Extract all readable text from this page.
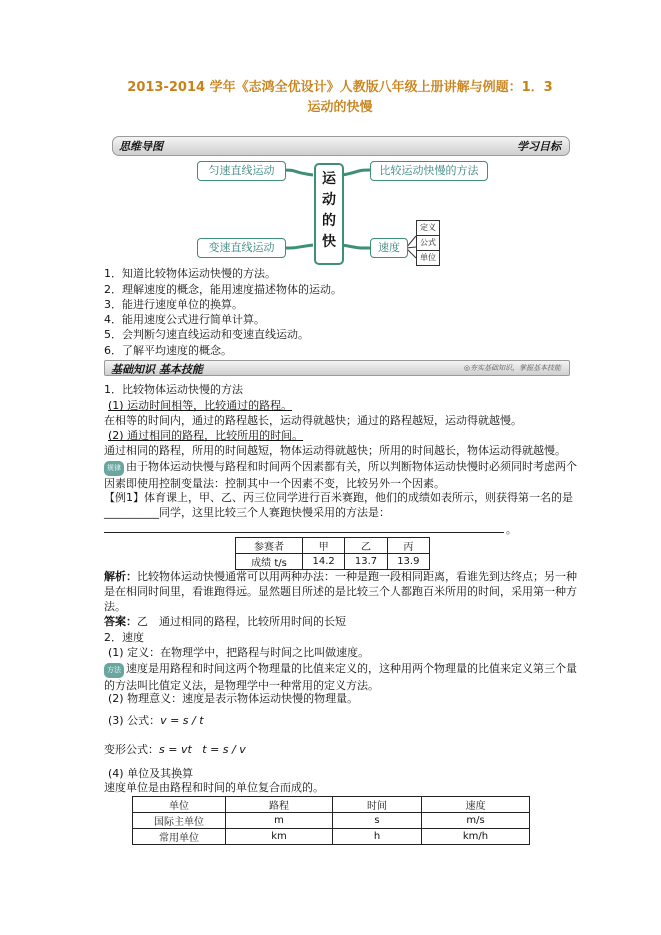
2013-2014 学年《志鸿全优设计》人教版八年级上册讲解与例题：1．3
运动的快慢
思维导图	学习目标
匀速直线运动
变速直线运动
比较运动快慢的方法
速度
运
动
的
快
定义
公式
单位
1．知道比较物体运动快慢的方法。
2．理解速度的概念，能用速度描述物体的运动。
3．能进行速度单位的换算。
4．能用速度公式进行简单计算。
5．会判断匀速直线运动和变速直线运动。
6．了解平均速度的概念。
基础知识 基本技能	◎夯实基础知识，掌握基本技能
1．比较物体运动快慢的方法
(1) 运动时间相等，比较通过的路程。
在相等的时间内，通过的路程越长，运动得就越快；通过的路程越短，运动得就越慢。
(2) 通过相同的路程，比较所用的时间。
通过相同的路程，所用的时间越短，物体运动得就越快；所用的时间越长，物体运动得就越慢。
规律 由于物体运动快慢与路程和时间两个因素都有关，所以判断物体运动快慢时必须同时考虑两个因素即使用控制变量法：控制其中一个因素不变，比较另外一个因素。
【例1】体育课上，甲、乙、丙三位同学进行百米赛跑，他们的成绩如表所示，则获得第一名的是__________同学，这里比较三个人赛跑快慢采用的方法是：
。
参赛者	甲	乙	丙
成绩 t/s	14.2	13.7	13.9
解析：比较物体运动快慢通常可以用两种办法：一种是跑一段相同距离，看谁先到达终点；另一种是在相同时间里，看谁跑得远。显然题目所述的是比较三个人都跑百米所用的时间，采用第一种方法。
答案：乙　通过相同的路程，比较所用时间的长短
2．速度
(1) 定义：在物理学中，把路程与时间之比叫做速度。
方法 速度是用路程和时间这两个物理量的比值来定义的，这种用两个物理量的比值来定义第三个量的方法叫比值定义法，是物理学中一种常用的定义方法。
(2) 物理意义：速度是表示物体运动快慢的物理量。
(3) 公式：v = s / t
变形公式：s = vt t = s / v
(4) 单位及其换算
速度单位是由路程和时间的单位复合而成的。
单位	路程	时间	速度
国际主单位	m	s	m/s
常用单位	km	h	km/h
